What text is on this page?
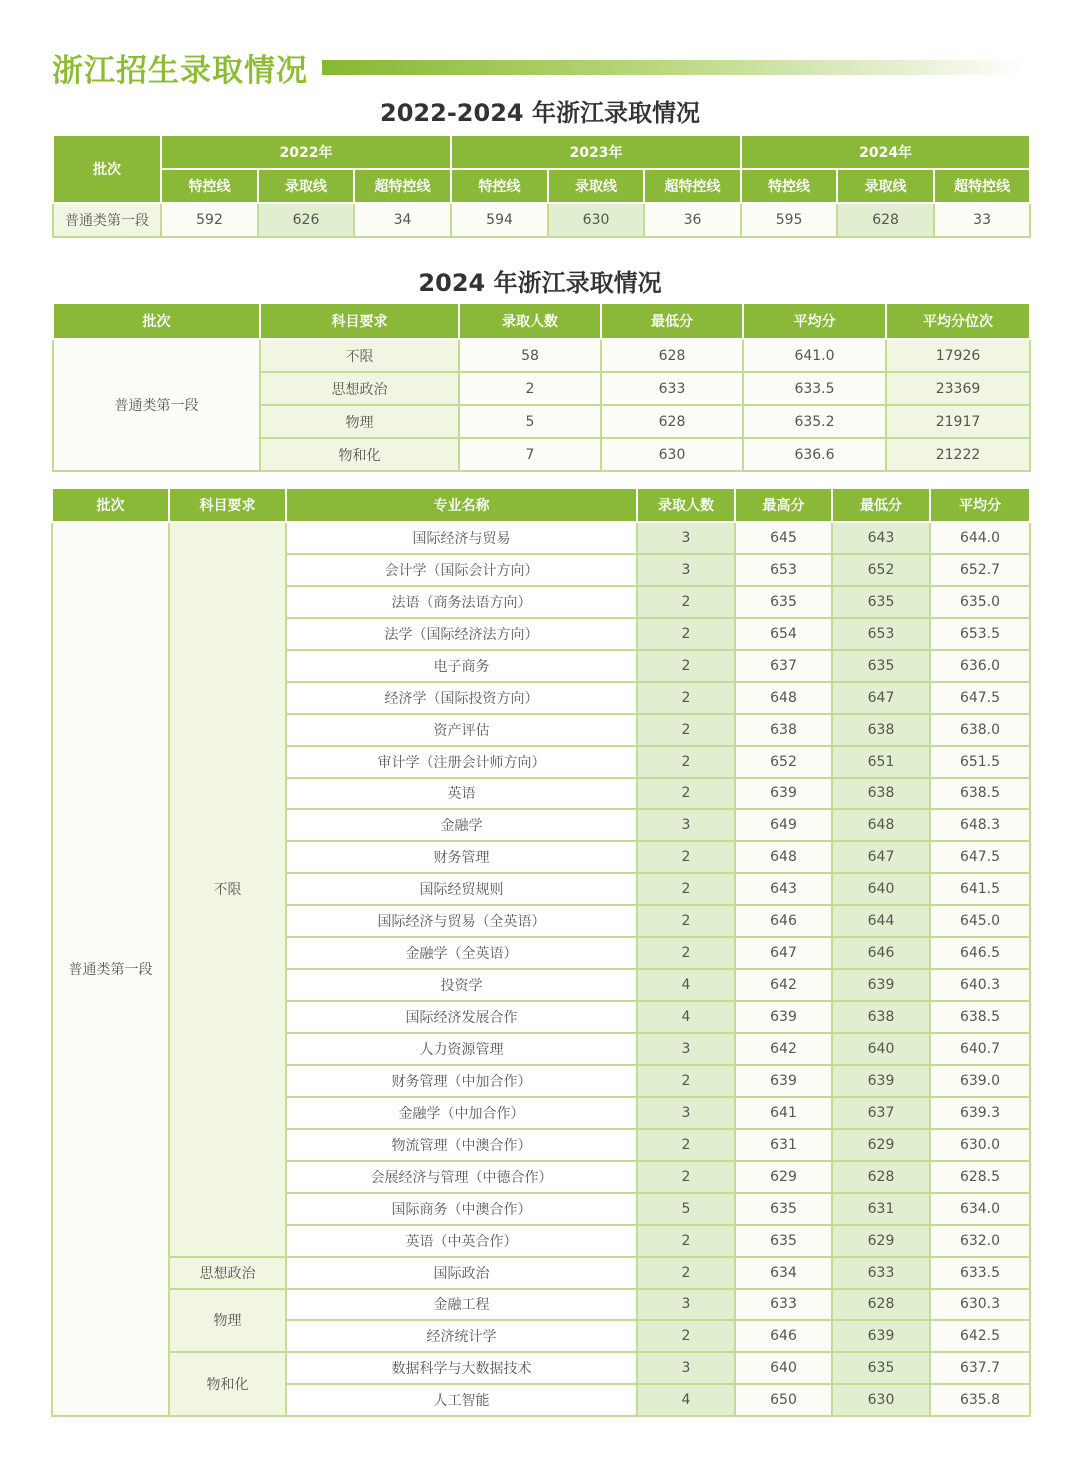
浙江招生录取情况
2022-2024 年浙江录取情况
批次	2022年			2023年			2024年		
	特控线	录取线	超特控线	特控线	录取线	超特控线	特控线	录取线	超特控线
普通类第一段	592	626	34	594	630	36	595	628	33
2024 年浙江录取情况
批次	科目要求	录取人数	最低分	平均分	平均分位次
普通类第一段	不限	58	628	641.0	17926
	思想政治	2	633	633.5	23369
	物理	5	628	635.2	21917
	物和化	7	630	636.6	21222
批次	科目要求	专业名称	录取人数	最高分	最低分	平均分
普通类第一段	不限	国际经济与贸易	3	645	643	644.0
		会计学（国际会计方向）	3	653	652	652.7
		法语（商务法语方向）	2	635	635	635.0
		法学（国际经济法方向）	2	654	653	653.5
		电子商务	2	637	635	636.0
		经济学（国际投资方向）	2	648	647	647.5
		资产评估	2	638	638	638.0
		审计学（注册会计师方向）	2	652	651	651.5
		英语	2	639	638	638.5
		金融学	3	649	648	648.3
		财务管理	2	648	647	647.5
		国际经贸规则	2	643	640	641.5
		国际经济与贸易（全英语）	2	646	644	645.0
		金融学（全英语）	2	647	646	646.5
		投资学	4	642	639	640.3
		国际经济发展合作	4	639	638	638.5
		人力资源管理	3	642	640	640.7
		财务管理（中加合作）	2	639	639	639.0
		金融学（中加合作）	3	641	637	639.3
		物流管理（中澳合作）	2	631	629	630.0
		会展经济与管理（中德合作）	2	629	628	628.5
		国际商务（中澳合作）	5	635	631	634.0
		英语（中英合作）	2	635	629	632.0
	思想政治	国际政治	2	634	633	633.5
	物理	金融工程	3	633	628	630.3
		经济统计学	2	646	639	642.5
	物和化	数据科学与大数据技术	3	640	635	637.7
		人工智能	4	650	630	635.8
